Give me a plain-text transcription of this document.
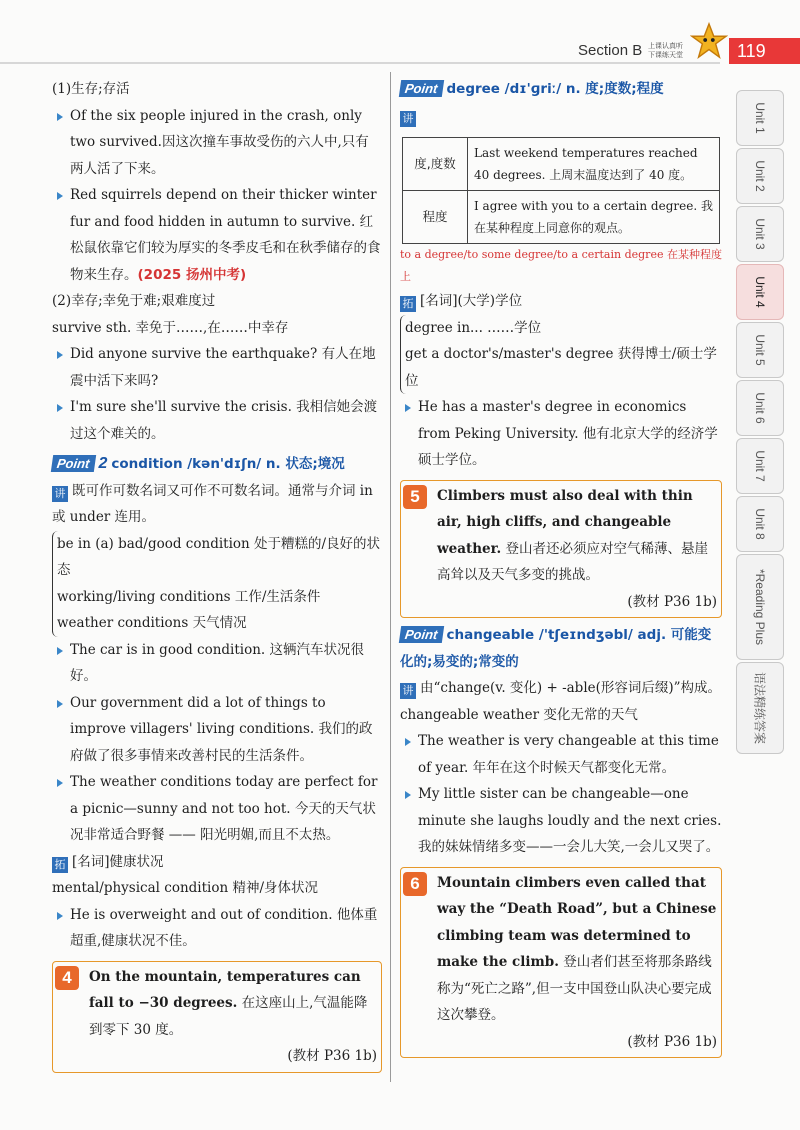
Section B 上课认真听 下课练天堂	119

(1)生存;存活

Of the six people injured in the crash, only two survived.因这次撞车事故受伤的六人中,只有两人活了下来。

Red squirrels depend on their thicker winter fur and food hidden in autumn to survive. 红松鼠依靠它们较为厚实的冬季皮毛和在秋季储存的食物来生存。(2025 扬州中考)

(2)幸存;幸免于难;艰难度过

survive sth. 幸免于……,在……中幸存

Did anyone survive the earthquake? 有人在地震中活下来吗?

I'm sure she'll survive the crisis. 我相信她会渡过这个难关的。

Point 2 condition /kən'dɪʃn/ n. 状态;境况

讲 既可作可数名词又可作不可数名词。通常与介词 in 或 under 连用。

be in (a) bad/good condition 处于糟糕的/良好的状态

working/living conditions 工作/生活条件

weather conditions 天气情况

The car is in good condition. 这辆汽车状况很好。

Our government did a lot of things to improve villagers' living conditions. 我们的政府做了很多事情来改善村民的生活条件。

The weather conditions today are perfect for a picnic—sunny and not too hot. 今天的天气状况非常适合野餐 —— 阳光明媚,而且不太热。

拓 [名词]健康状况

mental/physical condition 精神/身体状况

He is overweight and out of condition. 他体重超重,健康状况不佳。

4	On the mountain, temperatures can fall to −30 degrees. 在这座山上,气温能降到零下 30 度。
(教材 P36 1b)

Point degree /dɪ'ɡriː/ n. 度;度数;程度

讲

度,度数	Last weekend temperatures reached 40 degrees. 上周末温度达到了 40 度。
程度	I agree with you to a certain degree. 我在某种程度上同意你的观点。

to a degree/to some degree/to a certain degree 在某种程度上

拓 [名词](大学)学位

degree in... ……学位

get a doctor's/master's degree 获得博士/硕士学位

He has a master's degree in economics from Peking University. 他有北京大学的经济学硕士学位。

5	Climbers must also deal with thin air, high cliffs, and changeable weather. 登山者还必须应对空气稀薄、悬崖高耸以及天气多变的挑战。
(教材 P36 1b)

Point changeable /'tʃeɪndʒəbl/ adj. 可能变化的;易变的;常变的

讲 由“change(v. 变化) + -able(形容词后缀)”构成。

changeable weather 变化无常的天气

The weather is very changeable at this time of year. 年年在这个时候天气都变化无常。

My little sister can be changeable—one minute she laughs loudly and the next cries. 我的妹妹情绪多变——一会儿大笑,一会儿又哭了。

6	Mountain climbers even called that way the “Death Road”, but a Chinese climbing team was determined to make the climb. 登山者们甚至将那条路线称为“死亡之路”,但一支中国登山队决心要完成这次攀登。
(教材 P36 1b)
Unit 1
Unit 2
Unit 3
Unit 4
Unit 5
Unit 6
Unit 7
Unit 8
*Reading Plus
语法精练答案
